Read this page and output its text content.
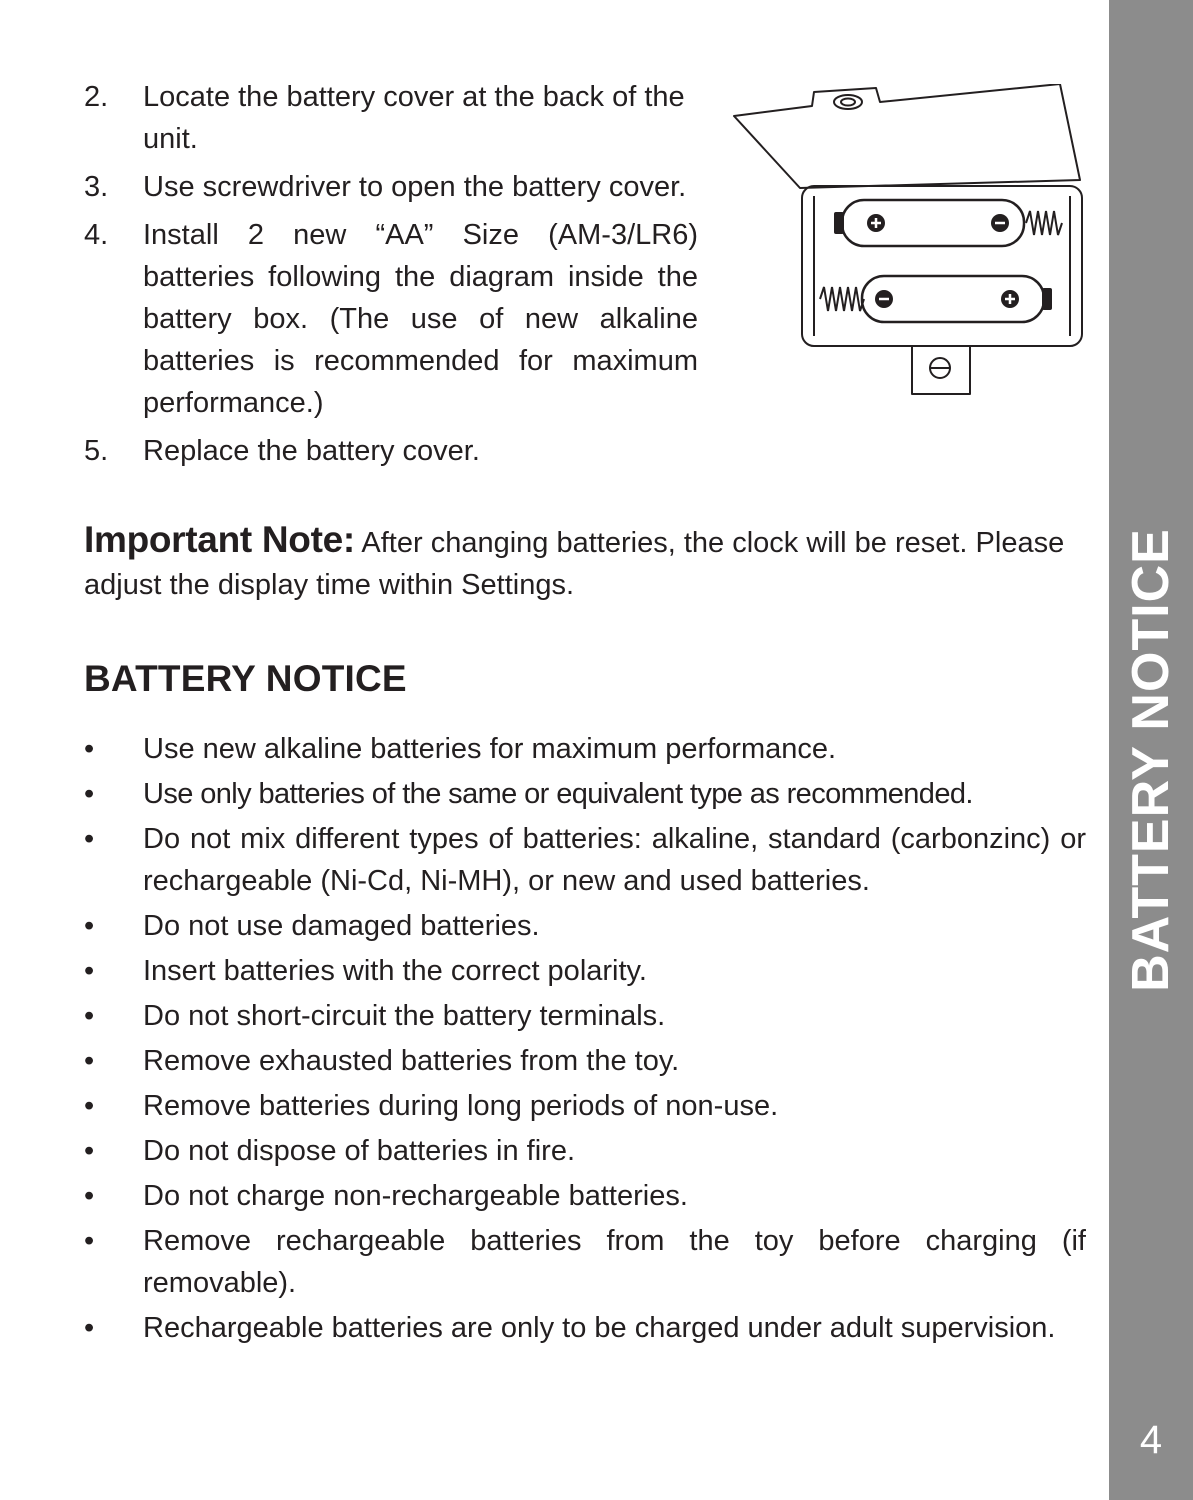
2. Locate the battery cover at the back of the unit.
3. Use screwdriver to open the battery cover.
4. Install 2 new “AA” Size (AM-3/LR6) batteries following the diagram inside the battery box. (The use of new alkaline batteries is recommended for maximum performance.)
5. Replace the battery cover.

Important Note: After changing batteries, the clock will be reset. Please adjust the display time within Settings.

BATTERY NOTICE
• Use new alkaline batteries for maximum performance.
• Use only batteries of the same or equivalent type as recommended.
• Do not mix different types of batteries: alkaline, standard (carbonzinc) or rechargeable (Ni-Cd, Ni-MH), or new and used batteries.
• Do not use damaged batteries.
• Insert batteries with the correct polarity.
• Do not short-circuit the battery terminals.
• Remove exhausted batteries from the toy.
• Remove batteries during long periods of non-use.
• Do not dispose of batteries in fire.
• Do not charge non-rechargeable batteries.
• Remove rechargeable batteries from the toy before charging (if removable).
• Rechargeable batteries are only to be charged under adult supervision.
BATTERY NOTICE
4
